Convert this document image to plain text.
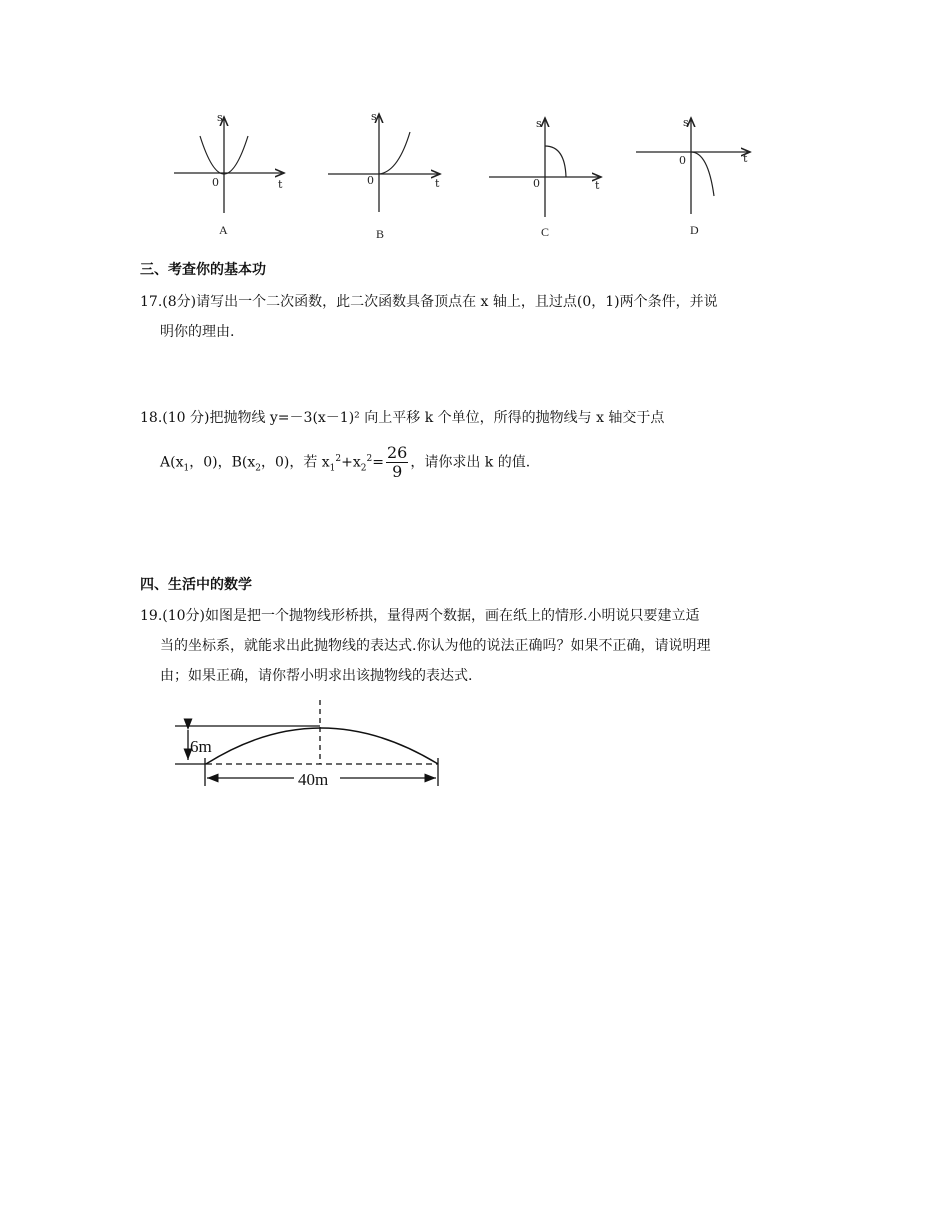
s
t
0
A
s
t
0
B
s
t
0
C
s
t
0
D
三、考查你的基本功
17.(8分)请写出一个二次函数，此二次函数具备顶点在 x 轴上，且过点(0，1)两个条件，并说
明你的理由.
18.(10 分)把抛物线 y=－3(x－1)² 向上平移 k 个单位，所得的抛物线与 x 轴交于点
$A(x_1$，0)，$B(x_2$，0)，若 $x_1^2+x_2^2= \frac{26}{9}$ ，请你求出 k 的值.
四、生活中的数学
19.(10分)如图是把一个抛物线形桥拱，量得两个数据，画在纸上的情形.小明说只要建立适
当的坐标系，就能求出此抛物线的表达式.你认为他的说法正确吗？如果不正确，请说明理
由；如果正确，请你帮小明求出该抛物线的表达式.
6m
40m
